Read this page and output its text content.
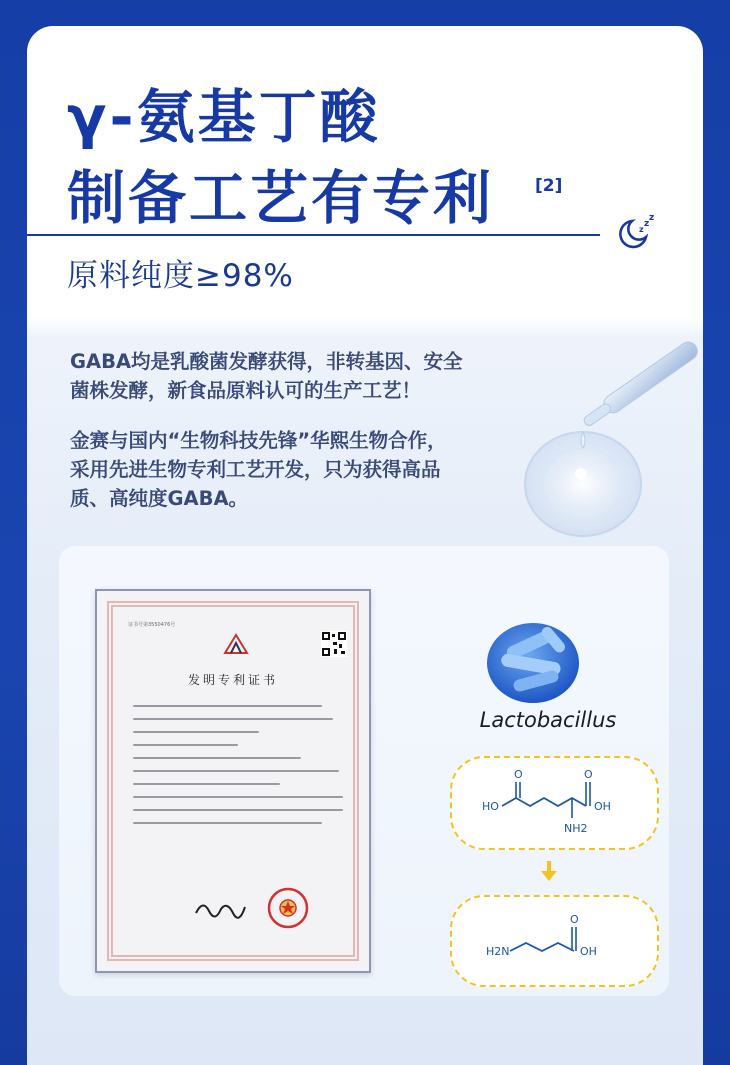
γ-氨基丁酸
制备工艺有专利 [2]
z
z
z
原料纯度≥98%
GABA均是乳酸菌发酵获得，非转基因、安全
菌株发酵，新食品原料认可的生产工艺！
金赛与国内“生物科技先锋”华熙生物合作，
采用先进生物专利工艺开发，只为获得高品
质、高纯度GABA。
证书号第3550476号
发明专利证书
Lactobacillus
O	O
HO	OH
NH2
O
H2N	OH
